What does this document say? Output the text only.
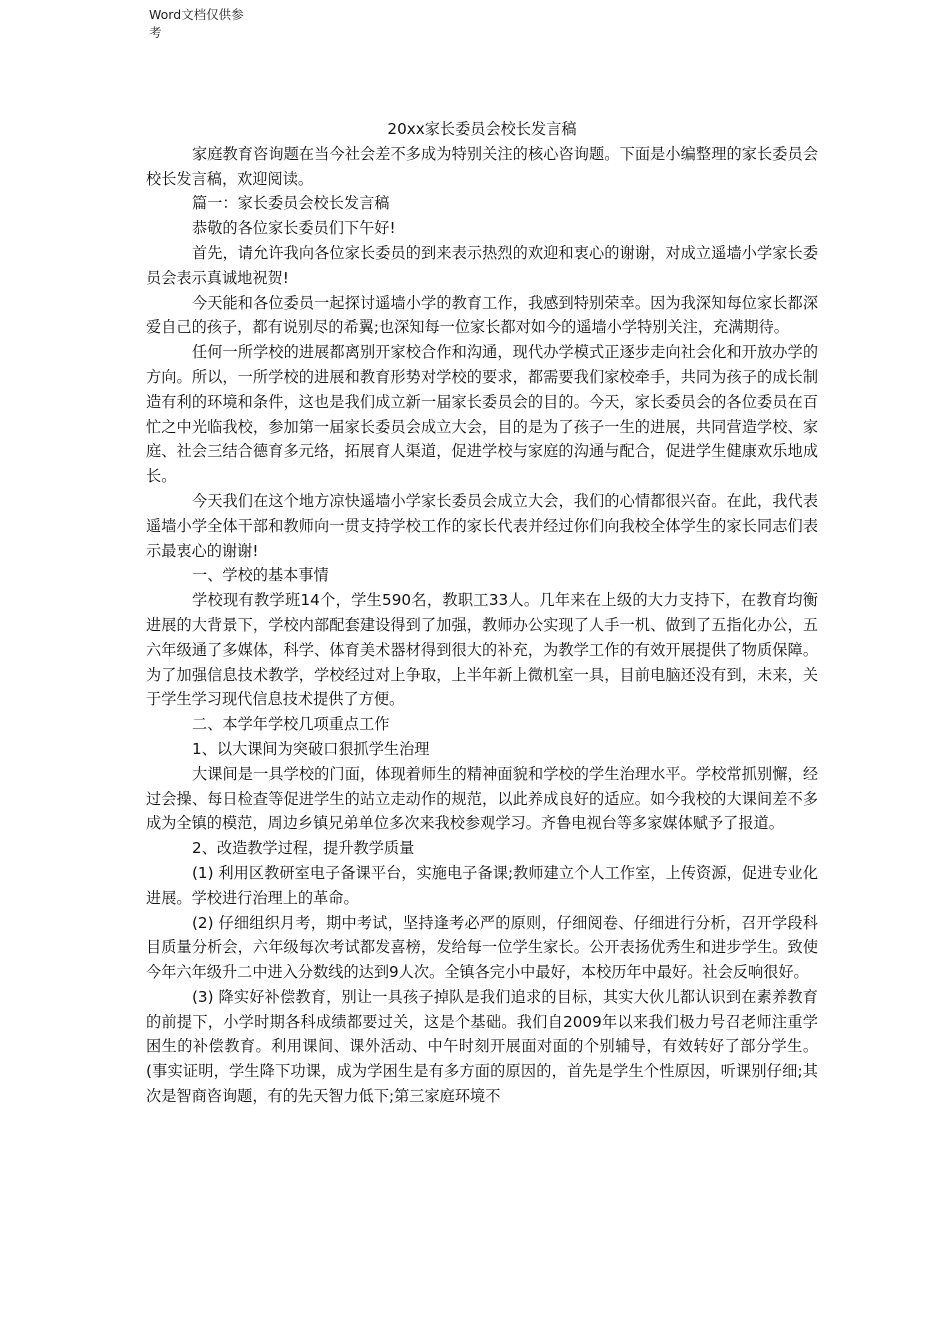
Word文档仅供参考

20xx家长委员会校长发言稿

家庭教育咨询题在当今社会差不多成为特别关注的核心咨询题。下面是小编整理的家长委员会校长发言稿，欢迎阅读。

篇一：家长委员会校长发言稿

恭敬的各位家长委员们下午好!

首先，请允许我向各位家长委员的到来表示热烈的欢迎和衷心的谢谢，对成立遥墙小学家长委员会表示真诚地祝贺!

今天能和各位委员一起探讨遥墙小学的教育工作，我感到特别荣幸。因为我深知每位家长都深爱自己的孩子，都有说别尽的希翼;也深知每一位家长都对如今的遥墙小学特别关注，充满期待。

任何一所学校的进展都离别开家校合作和沟通，现代办学模式正逐步走向社会化和开放办学的方向。所以，一所学校的进展和教育形势对学校的要求，都需要我们家校牵手，共同为孩子的成长制造有利的环境和条件，这也是我们成立新一届家长委员会的目的。今天，家长委员会的各位委员在百忙之中光临我校，参加第一届家长委员会成立大会，目的是为了孩子一生的进展，共同营造学校、家庭、社会三结合德育多元络，拓展育人渠道，促进学校与家庭的沟通与配合，促进学生健康欢乐地成长。

今天我们在这个地方凉快遥墙小学家长委员会成立大会，我们的心情都很兴奋。在此，我代表遥墙小学全体干部和教师向一贯支持学校工作的家长代表并经过你们向我校全体学生的家长同志们表示最衷心的谢谢!

一、学校的基本事情

学校现有教学班14个，学生590名，教职工33人。几年来在上级的大力支持下，在教育均衡进展的大背景下，学校内部配套建设得到了加强，教师办公实现了人手一机、做到了五指化办公，五六年级通了多媒体，科学、体育美术器材得到很大的补充，为教学工作的有效开展提供了物质保障。为了加强信息技术教学，学校经过对上争取，上半年新上微机室一具，目前电脑还没有到，未来，关于学生学习现代信息技术提供了方便。

二、本学年学校几项重点工作

1、以大课间为突破口狠抓学生治理

大课间是一具学校的门面，体现着师生的精神面貌和学校的学生治理水平。学校常抓别懈，经过会操、每日检查等促进学生的站立走动作的规范，以此养成良好的适应。如今我校的大课间差不多成为全镇的模范，周边乡镇兄弟单位多次来我校参观学习。齐鲁电视台等多家媒体赋予了报道。

2、改造教学过程，提升教学质量

(1) 利用区教研室电子备课平台，实施电子备课;教师建立个人工作室，上传资源，促进专业化进展。学校进行治理上的革命。

(2) 仔细组织月考，期中考试，坚持逢考必严的原则，仔细阅卷、仔细进行分析，召开学段科目质量分析会，六年级每次考试都发喜榜，发给每一位学生家长。公开表扬优秀生和进步学生。致使今年六年级升二中进入分数线的达到9人次。全镇各完小中最好，本校历年中最好。社会反响很好。

(3) 降实好补偿教育，别让一具孩子掉队是我们追求的目标，其实大伙儿都认识到在素养教育的前提下，小学时期各科成绩都要过关，这是个基础。我们自2009年以来我们极力号召老师注重学困生的补偿教育。利用课间、课外活动、中午时刻开展面对面的个别辅导，有效转好了部分学生。(事实证明，学生降下功课，成为学困生是有多方面的原因的，首先是学生个性原因，听课别仔细;其次是智商咨询题，有的先天智力低下;第三家庭环境不
